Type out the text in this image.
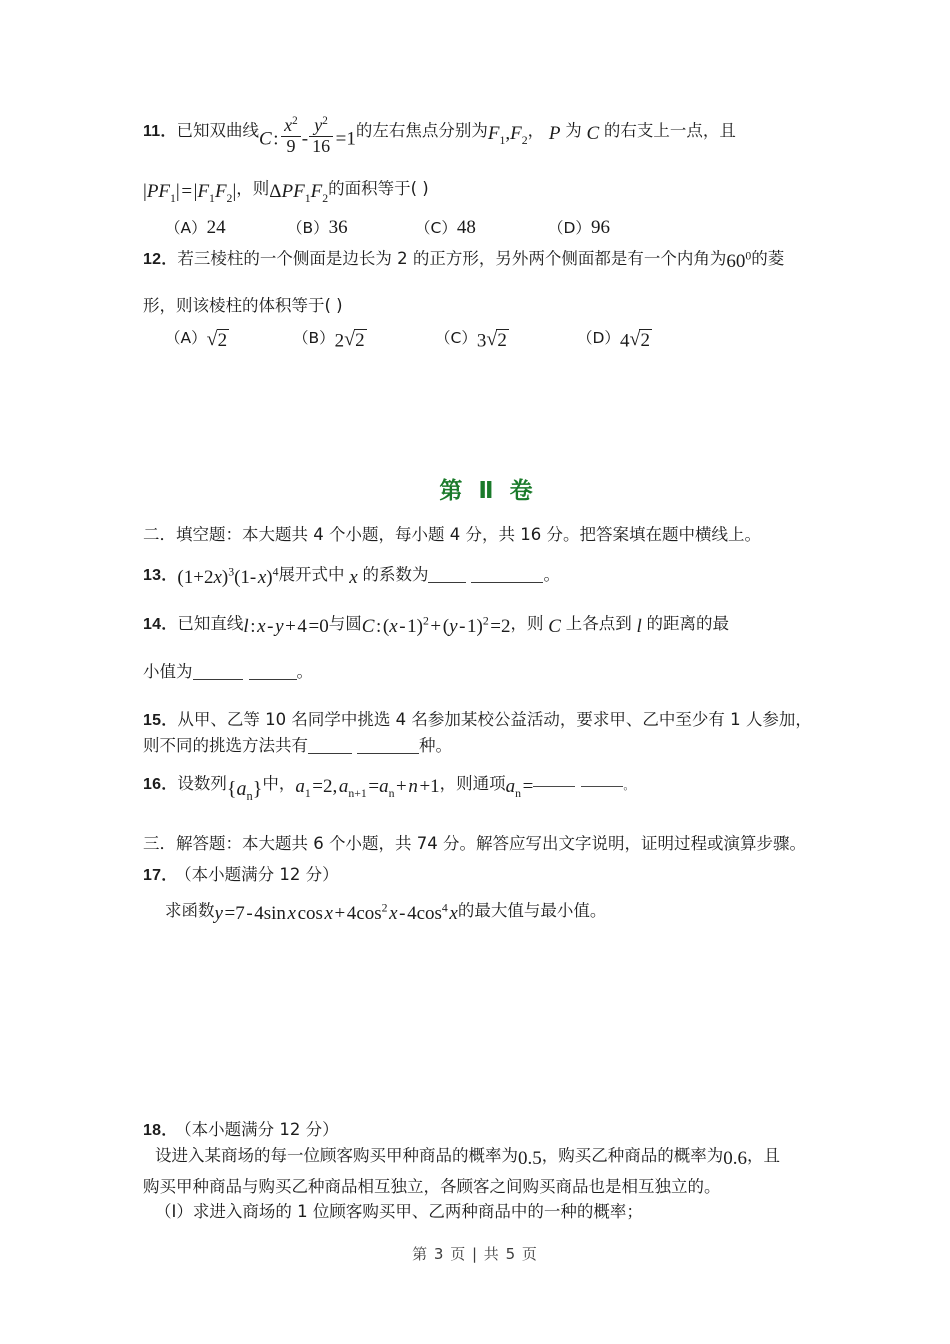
11．已知双曲线C :  $\frac{x^2}{9} - \frac{y^2}{16}$  =1的左右焦点分别为$F_1,F_2$， P 为 C 的右支上一点，且
$|PF_1|$ = $|F_1F_2|$，则$\Delta PF_1F_2$的面积等于( )
（A）24	（B）36	（C）48	（D）96
12．若三棱柱的一个侧面是边长为 2 的正方形，另外两个侧面都是有一个内角为$60^0$的菱
形，则该棱柱的体积等于( )
（A） √ 2	（B）2 √ 2	（C）3 √ 2	（D）4 √ 2
第 Ⅱ 卷
二．填空题：本大题共 4 个小题，每小题 4 分，共 16 分。把答案填在题中横线上。
13．$(1+2x)^3(1-$ x)$^4$展开式中 x 的系数为	。
14．已知直线l : x - y + 4 =0与圆C : (x - 1)$^2$ + (y - 1)$^2$ =2，则 C 上各点到 l 的距离的最
小值为	。
15．从甲、乙等 10 名同学中挑选 4 名参加某校公益活动，要求甲、乙中至少有 1 人参加，
则不同的挑选方法共有	种。
16．设数列$\{a_n\}$中，$a_1$ =2, $a_{n+1}$ $=a_n$ + n +1，则通项$a_n$ =	。
三．解答题：本大题共 6 个小题，共 74 分。解答应写出文字说明，证明过程或演算步骤。
17． （本小题满分 12 分）
求函数y =7 - 4sin x cos x + $4\cos^2$ x - $4\cos^4$ x的最大值与最小值。
18． （本小题满分 12 分）
设进入某商场的每一位顾客购买甲种商品的概率为0.5，购买乙种商品的概率为0.6，且
购买甲种商品与购买乙种商品相互独立，各顾客之间购买商品也是相互独立的。
（Ⅰ）求进入商场的 1 位顾客购买甲、乙两种商品中的一种的概率；
第 3 页 | 共 5 页
